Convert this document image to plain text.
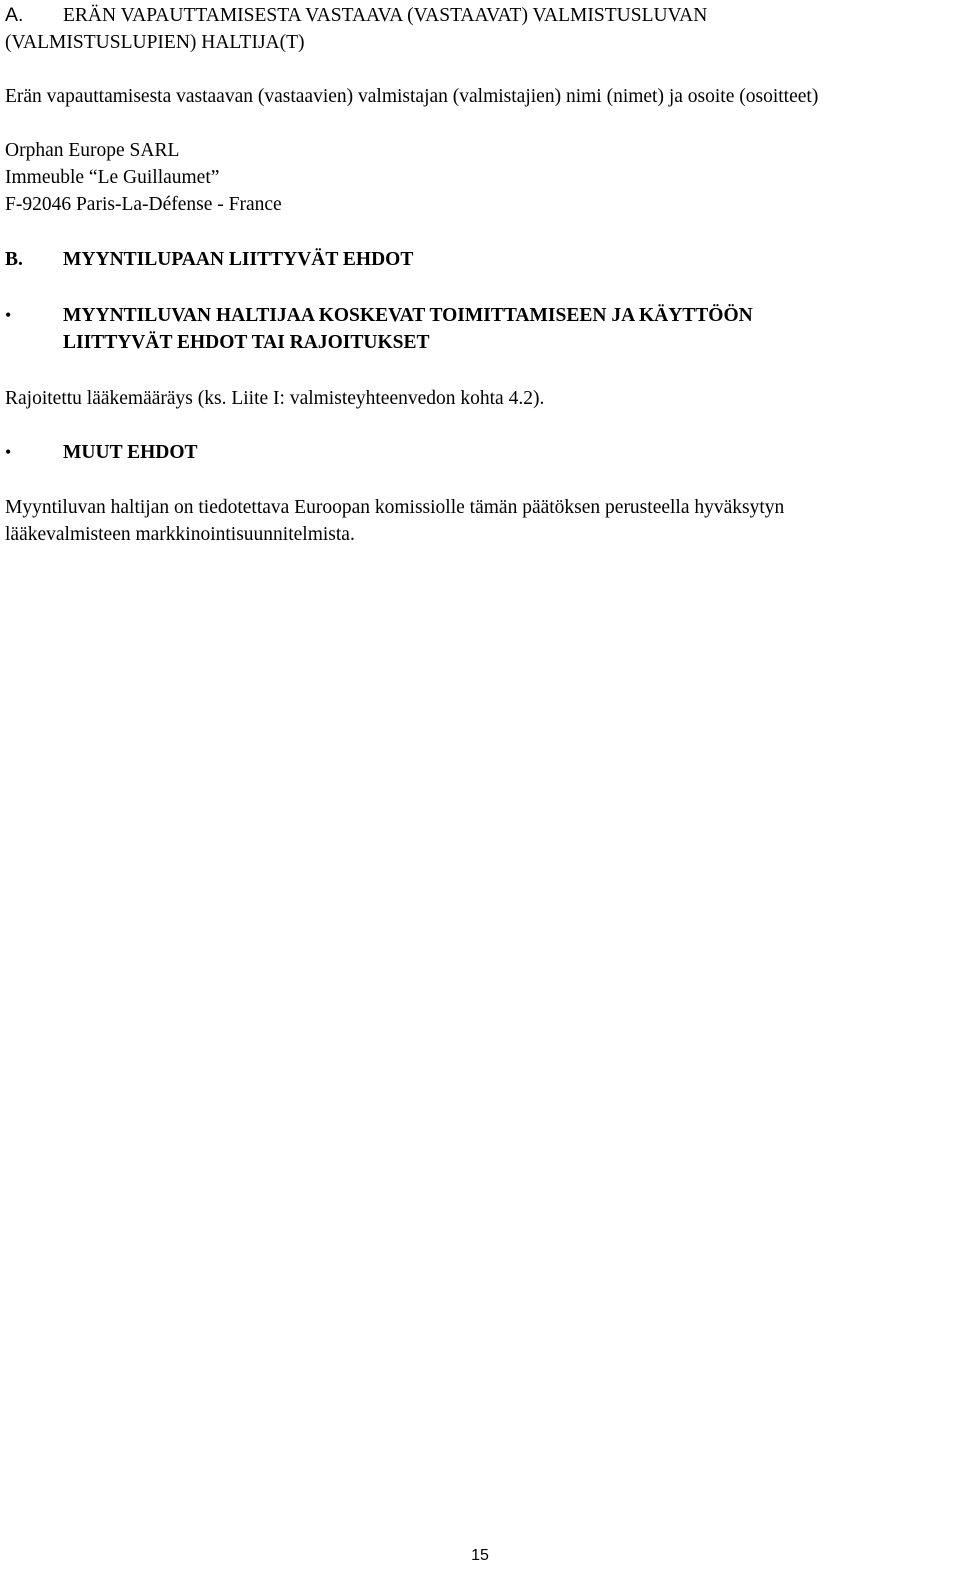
A. ERÄN VAPAUTTAMISESTA VASTAAVA (VASTAAVAT) VALMISTUSLUVAN
(VALMISTUSLUPIEN) HALTIJA(T)
Erän vapauttamisesta vastaavan (vastaavien) valmistajan (valmistajien) nimi (nimet) ja osoite (osoitteet)
Orphan Europe SARL
Immeuble “Le Guillaumet”
F-92046 Paris-La-Défense - France
B. MYYNTILUPAAN LIITTYVÄT EHDOT
•	MYYNTILUVAN HALTIJAA KOSKEVAT TOIMITTAMISEEN JA KÄYTTÖÖN
LIITTYVÄT EHDOT TAI RAJOITUKSET
Rajoitettu lääkemääräys (ks. Liite I: valmisteyhteenvedon kohta 4.2).
•	MUUT EHDOT
Myyntiluvan haltijan on tiedotettava Euroopan komissiolle tämän päätöksen perusteella hyväksytyn
lääkevalmisteen markkinointisuunnitelmista.
15
